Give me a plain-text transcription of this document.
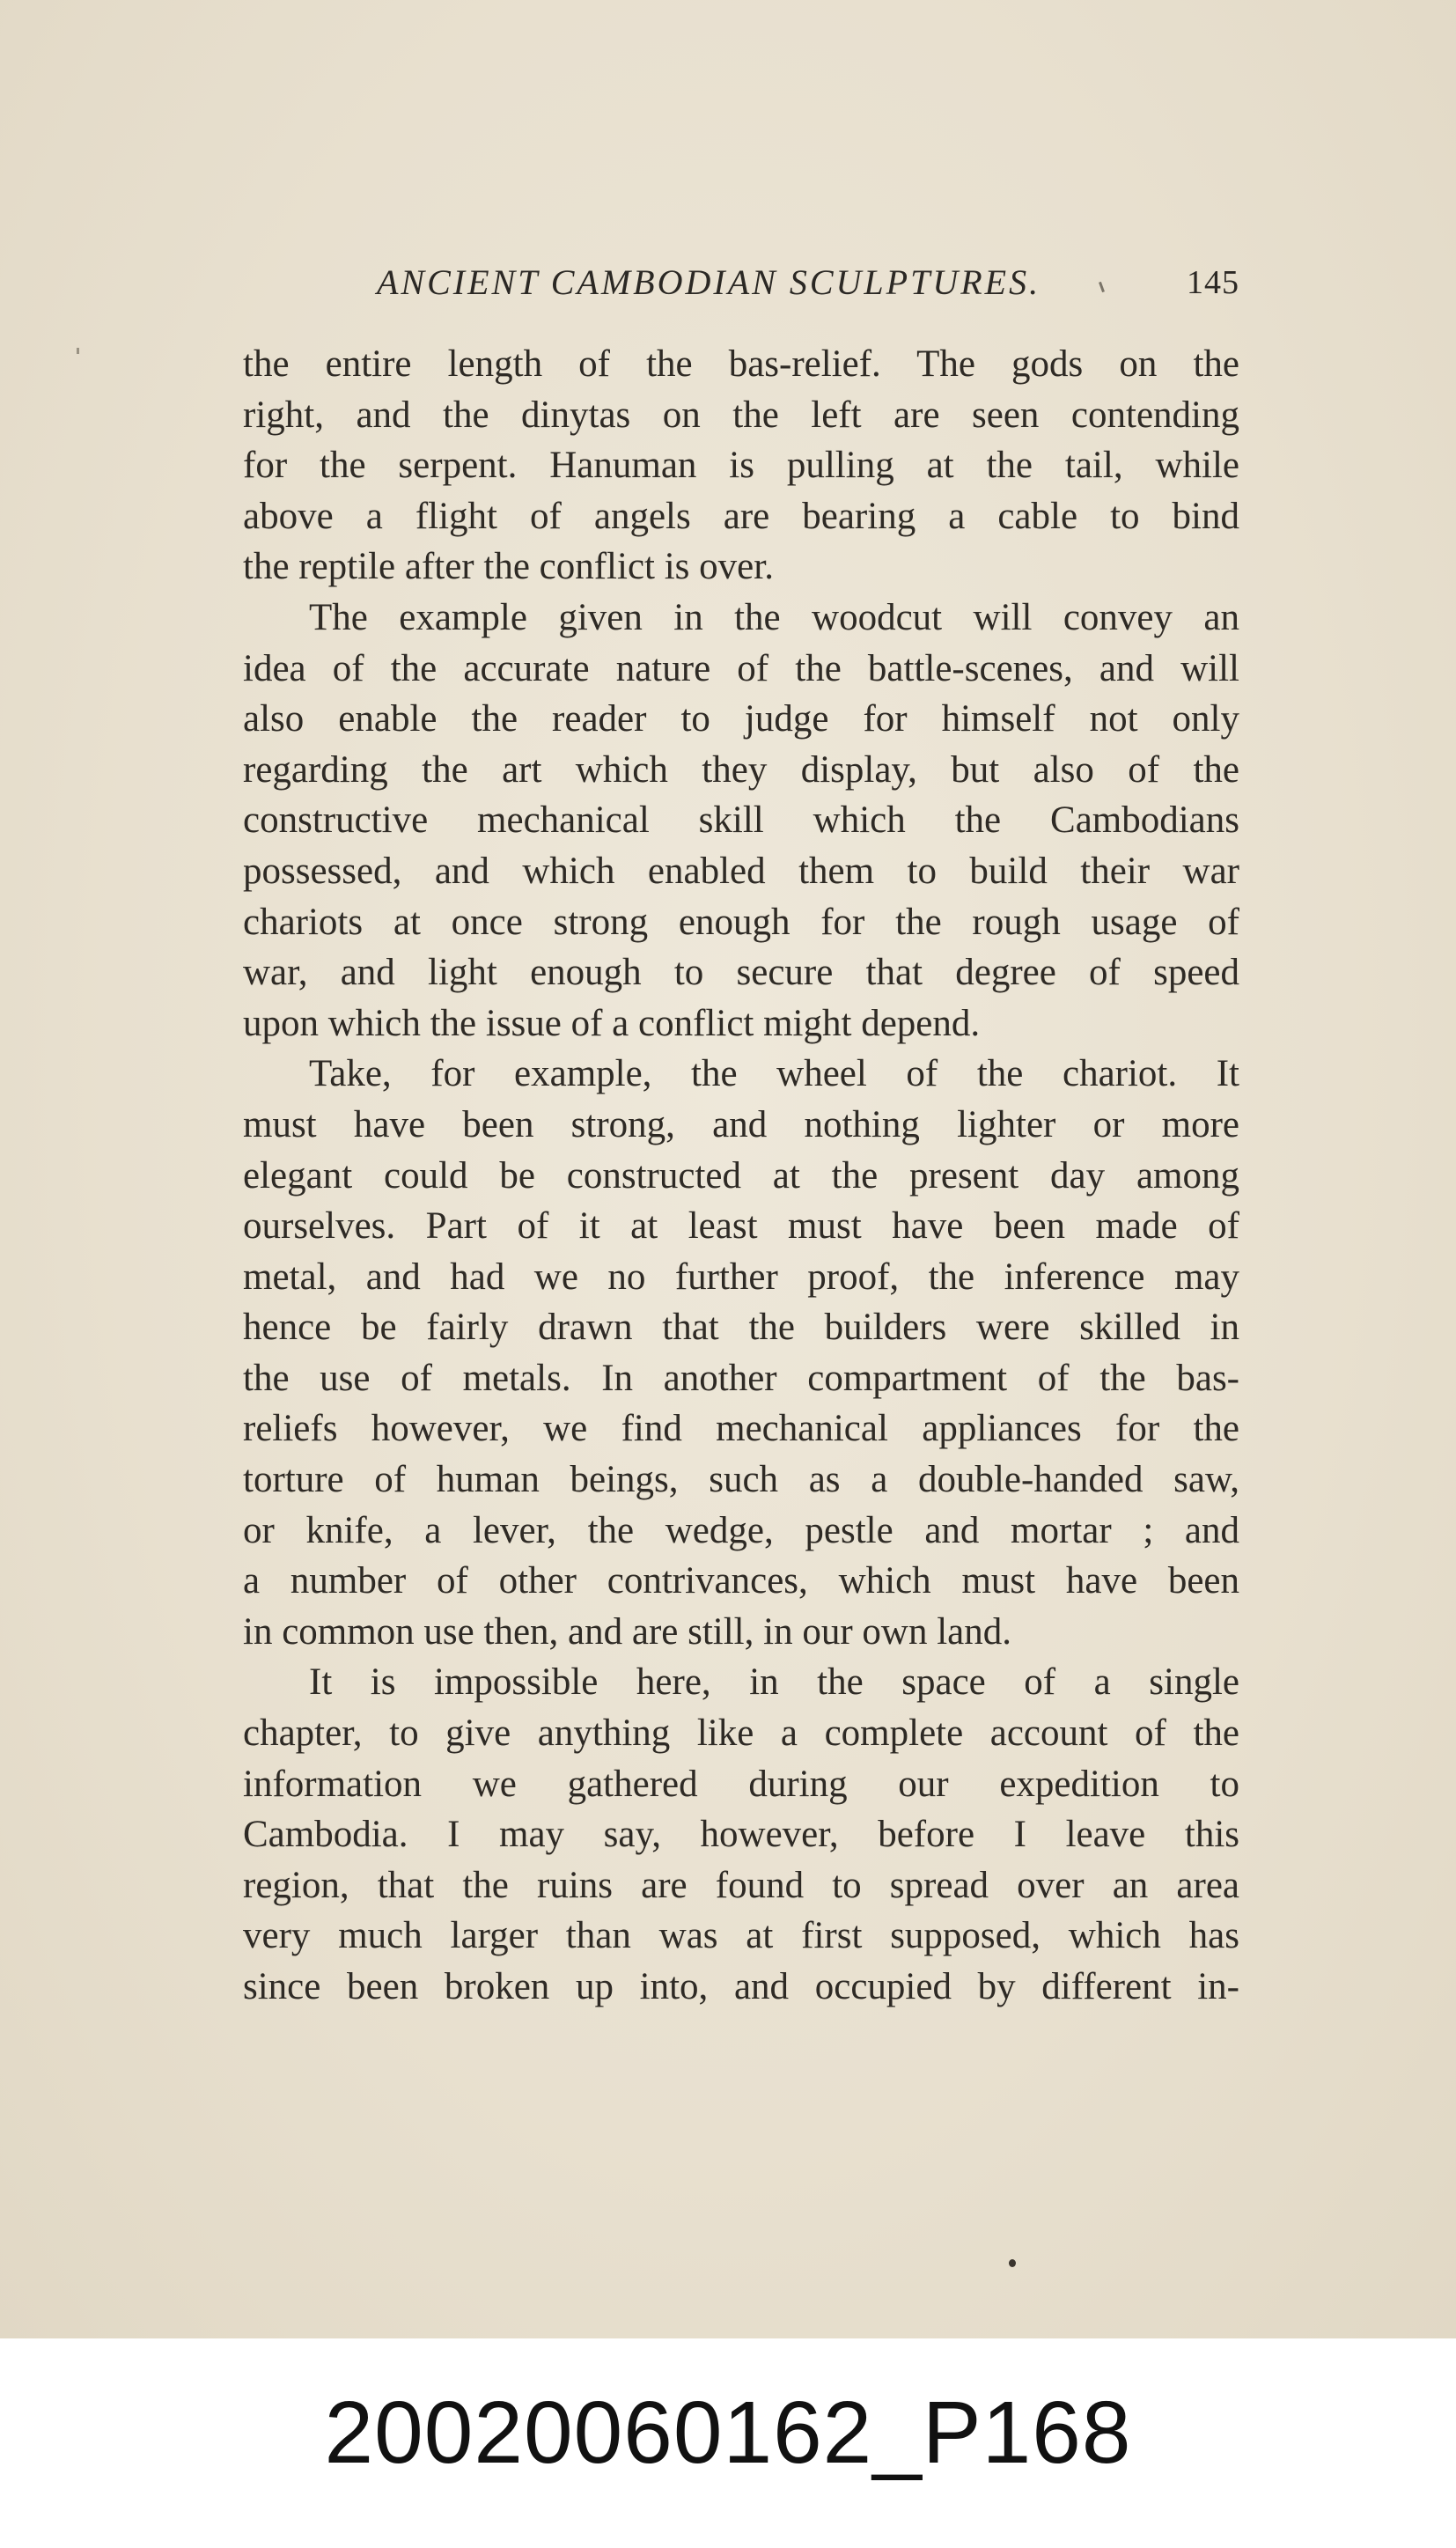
ANCIENT CAMBODIAN SCULPTURES.	145
the entire length of the bas-relief. The gods on the
right, and the dinytas on the left are seen contending
for the serpent. Hanuman is pulling at the tail, while
above a flight of angels are bearing a cable to bind
the reptile after the conflict is over.
The example given in the woodcut will convey an
idea of the accurate nature of the battle-scenes, and will
also enable the reader to judge for himself not only
regarding the art which they display, but also of the
constructive mechanical skill which the Cambodians
possessed, and which enabled them to build their war
chariots at once strong enough for the rough usage of
war, and light enough to secure that degree of speed
upon which the issue of a conflict might depend.
Take, for example, the wheel of the chariot. It
must have been strong, and nothing lighter or more
elegant could be constructed at the present day among
ourselves. Part of it at least must have been made of
metal, and had we no further proof, the inference may
hence be fairly drawn that the builders were skilled in
the use of metals. In another compartment of the bas-
reliefs however, we find mechanical appliances for the
torture of human beings, such as a double-handed saw,
or knife, a lever, the wedge, pestle and mortar ; and
a number of other contrivances, which must have been
in common use then, and are still, in our own land.
It is impossible here, in the space of a single
chapter, to give anything like a complete account of the
information we gathered during our expedition to
Cambodia. I may say, however, before I leave this
region, that the ruins are found to spread over an area
very much larger than was at first supposed, which has
since been broken up into, and occupied by different in-
20020060162_P168
